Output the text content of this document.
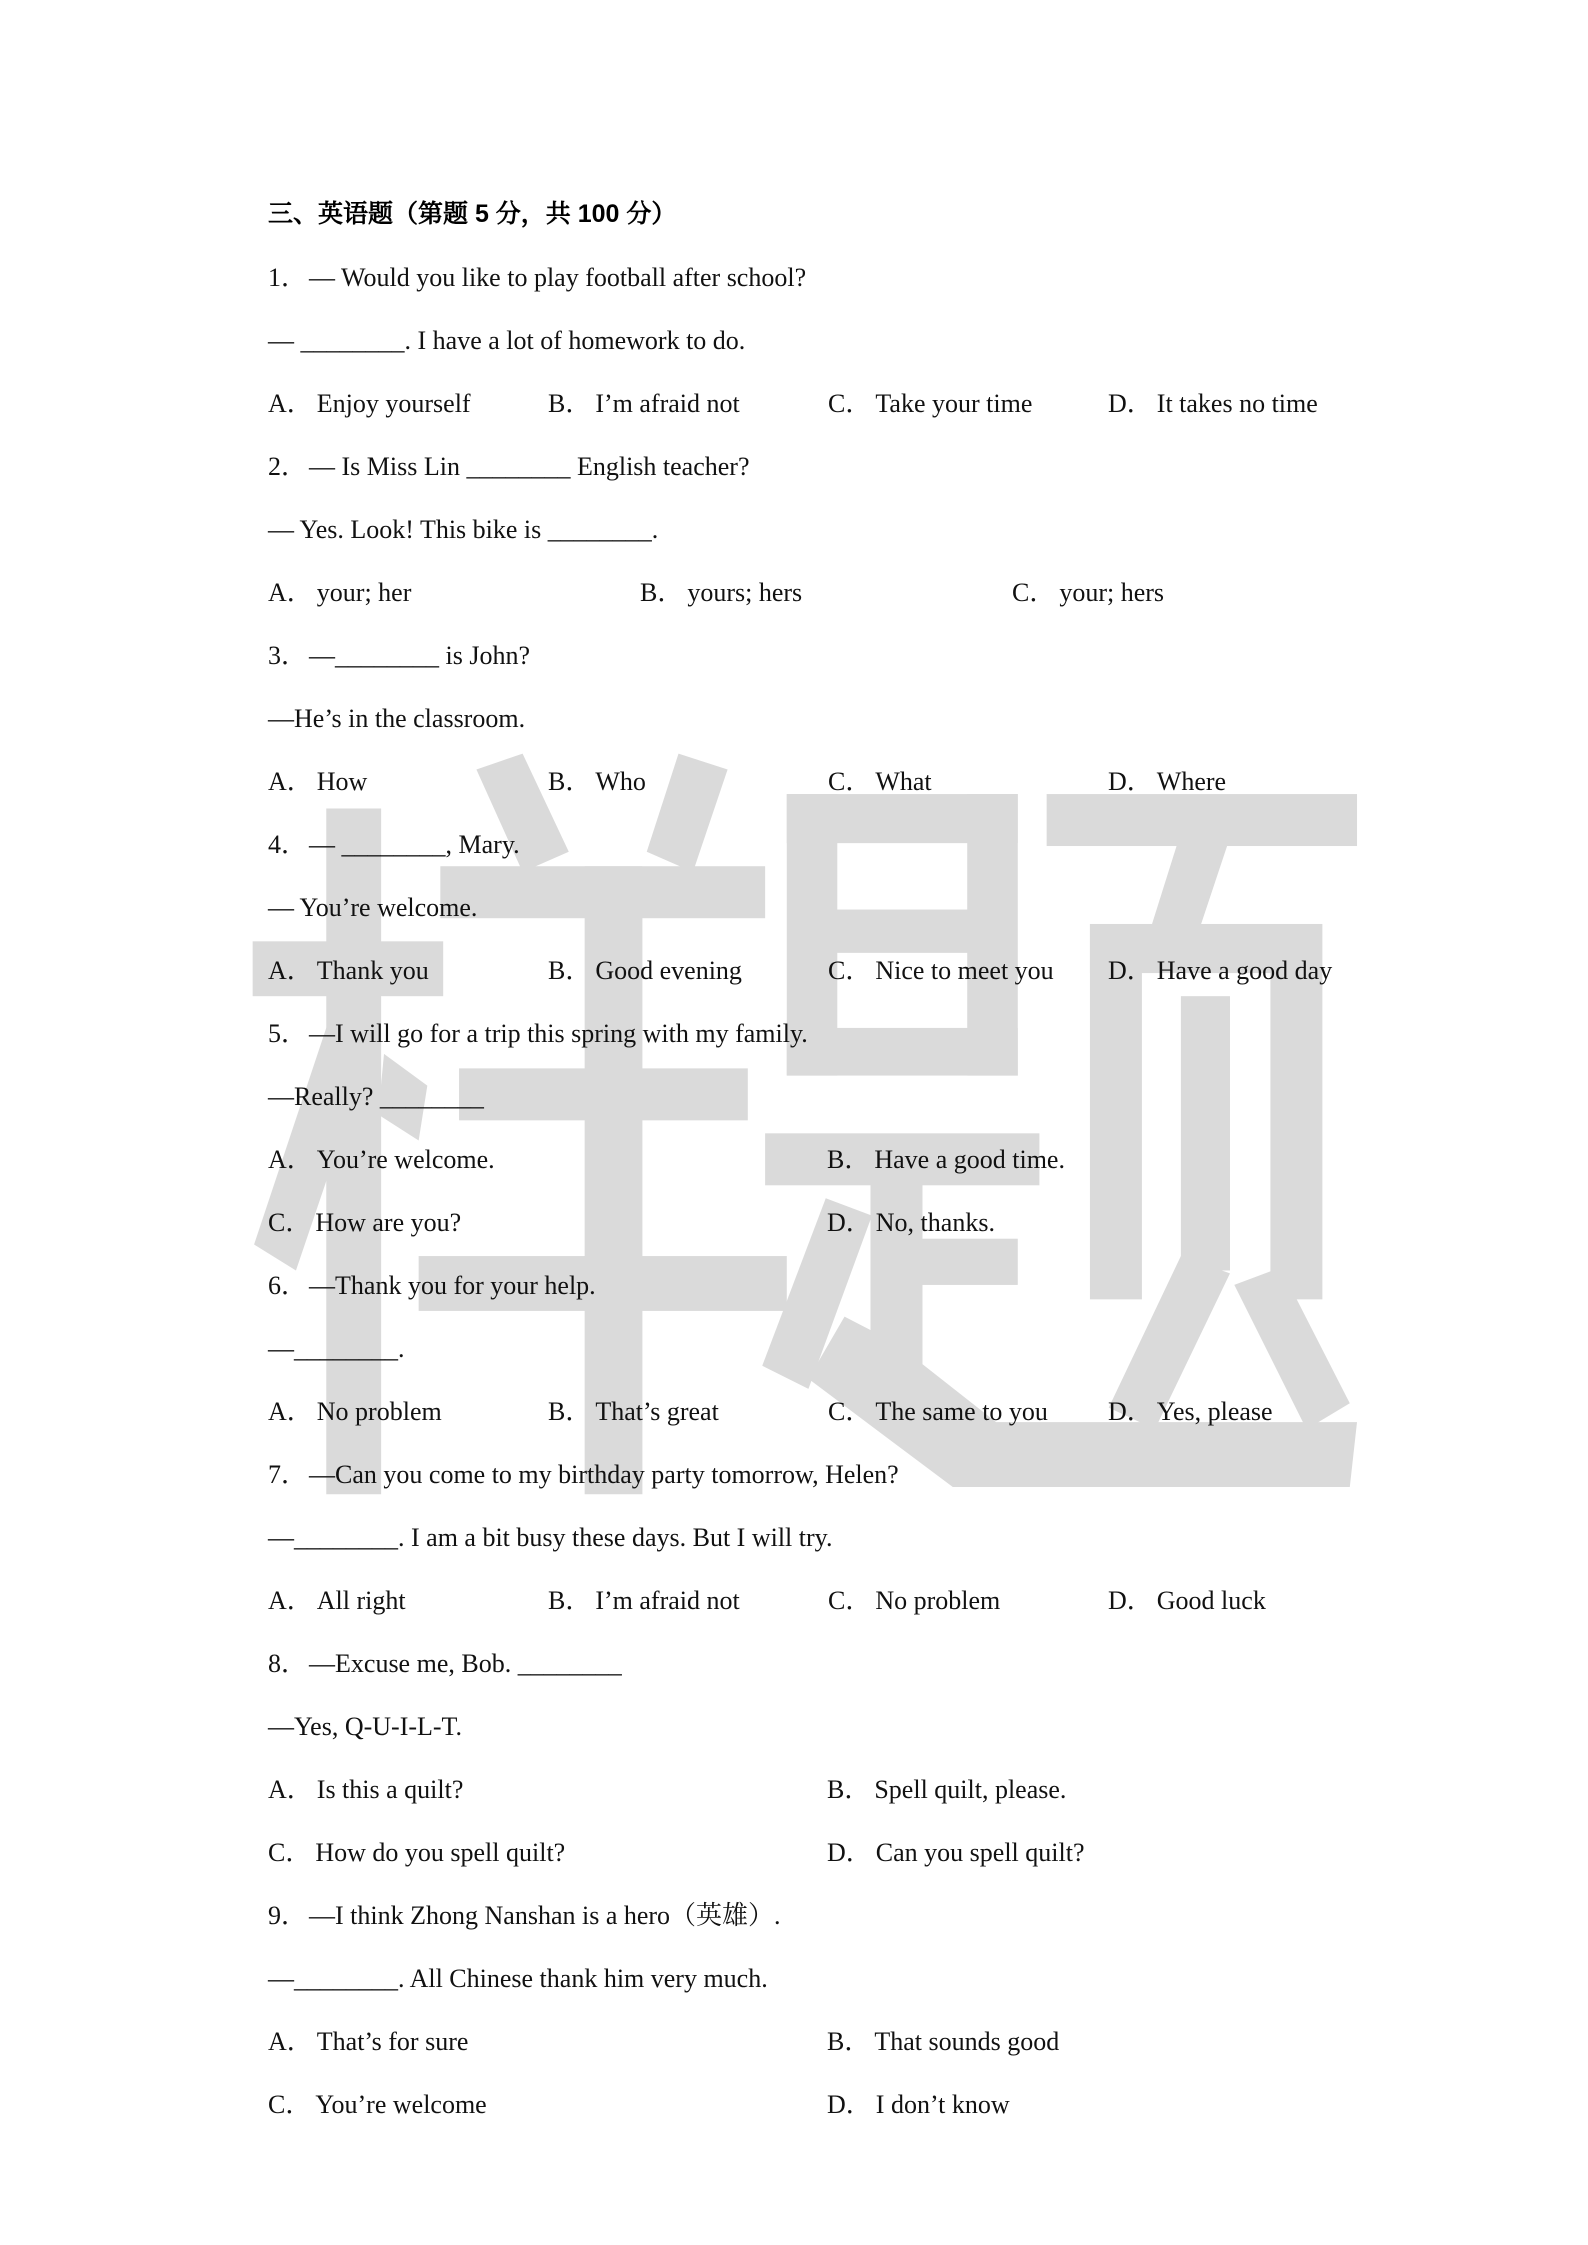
三、英语题（第题 5 分，共 100 分）
1．— Would you like to play football after school?
— ________. I have a lot of homework to do.
A． Enjoy yourself	B． I’m afraid not	C． Take your time	D． It takes no time
2．— Is Miss Lin ________ English teacher?
— Yes. Look! This bike is ________.
A． your; her	B． yours; hers	C． your; hers
3．—________ is John?
—He’s in the classroom.
A． How	B． Who	C． What	D． Where
4．— ________, Mary.
— You’re welcome.
A． Thank you	B． Good evening	C． Nice to meet you	D． Have a good day
5．—I will go for a trip this spring with my family.
—Really? ________
A． You’re welcome.	B． Have a good time.
C． How are you?	D． No, thanks.
6．—Thank you for your help.
—________.
A． No problem	B． That’s great	C． The same to you	D． Yes, please
7．—Can you come to my birthday party tomorrow, Helen?
—________. I am a bit busy these days. But I will try.
A． All right	B． I’m afraid not	C． No problem	D． Good luck
8．—Excuse me, Bob. ________
—Yes, Q-U-I-L-T.
A． Is this a quilt?	B． Spell quilt, please.
C． How do you spell quilt?	D． Can you spell quilt?
9．—I think Zhong Nanshan is a hero（英雄）.
—________. All Chinese thank him very much.
A． That’s for sure	B． That sounds good
C． You’re welcome	D． I don’t know
